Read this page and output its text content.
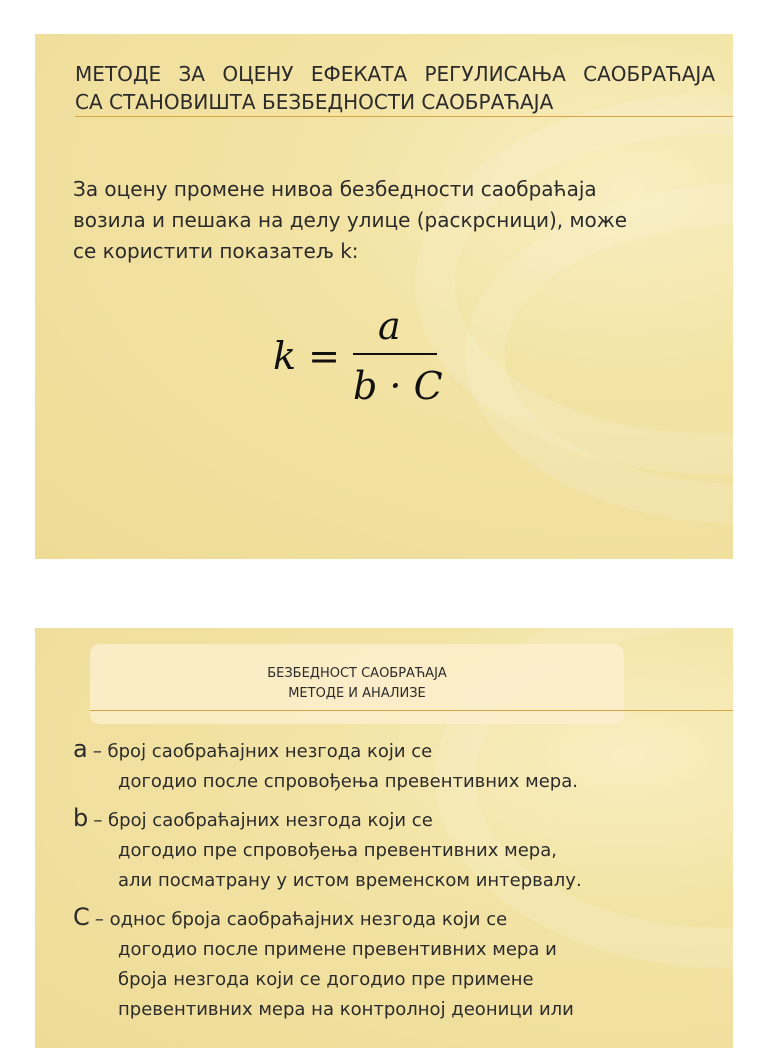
МЕТОДЕ ЗА ОЦЕНУ ЕФЕКАТА РЕГУЛИСАЊА САОБРАЋАЈА
СА СТАНОВИШТА БЕЗБЕДНОСТИ САОБРАЋАЈА
За оцену промене нивоа безбедности саобраћаја
возила и пешака на делу улице (раскрсници), може
се користити показатељ k:
k =
a
b · C
БЕЗБЕДНОСТ САОБРАЋАЈА
МЕТОДЕ И АНАЛИЗЕ
a – број саобраћајних незгода који се
догодио после спровођења превентивних мера.
b – број саобраћајних незгода који се
догодио пре спровођења превентивних мера,
али посматрану у истом временском интервалу.
C – однос броја саобраћајних незгода који се
догодио после примене превентивних мера и
броја незгода који се догодио пре примене
превентивних мера на контролној деоници или
